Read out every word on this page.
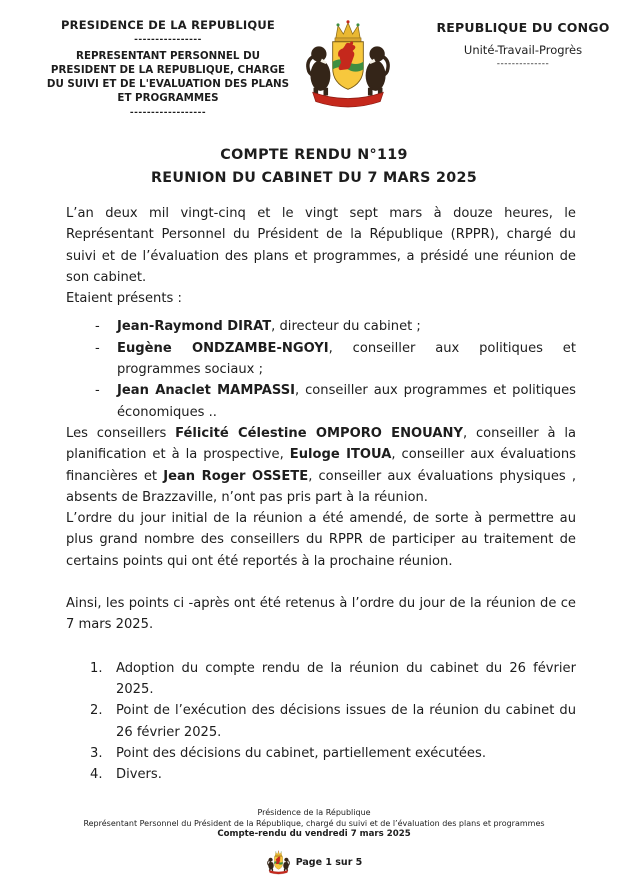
PRESIDENCE DE LA REPUBLIQUE
----------------
REPRESENTANT PERSONNEL DU PRESIDENT DE LA REPUBLIQUE, CHARGE DU SUIVI ET DE L'EVALUATION DES PLANS ET PROGRAMMES
------------------
REPUBLIQUE DU CONGO
Unité-Travail-Progrès
--------------
COMPTE RENDU N°119
REUNION DU CABINET DU 7 MARS 2025

L’an deux mil vingt-cinq et le vingt sept mars à douze heures, le Représentant Personnel du Président de la République (RPPR), chargé du suivi et de l’évaluation des plans et programmes, a présidé une réunion de son cabinet.

Etaient présents :

-	Jean-Raymond DIRAT, directeur du cabinet ;
-	Eugène ONDZAMBE-NGOYI, conseiller aux politiques et programmes sociaux ;
-	Jean Anaclet MAMPASSI, conseiller aux programmes et politiques économiques ..

Les conseillers Félicité Célestine OMPORO ENOUANY, conseiller à la planification et à la prospective, Euloge ITOUA, conseiller aux évaluations financières et Jean Roger OSSETE, conseiller aux évaluations physiques , absents de Brazzaville, n’ont pas pris part à la réunion.

L’ordre du jour initial de la réunion a été amendé, de sorte à permettre au plus grand nombre des conseillers du RPPR de participer au traitement de certains points qui ont été reportés à la prochaine réunion.

Ainsi, les points ci -après ont été retenus à l’ordre du jour de la réunion de ce 7 mars 2025.

1.	Adoption du compte rendu de la réunion du cabinet du 26 février 2025.
2.	Point de l’exécution des décisions issues de la réunion du cabinet du 26 février 2025.
3.	Point des décisions du cabinet, partiellement exécutées.
4.	Divers.
Présidence de la République
Représentant Personnel du Président de la République, chargé du suivi et de l’évaluation des plans et programmes
Compte-rendu du vendredi 7 mars 2025
Page 1 sur 5
